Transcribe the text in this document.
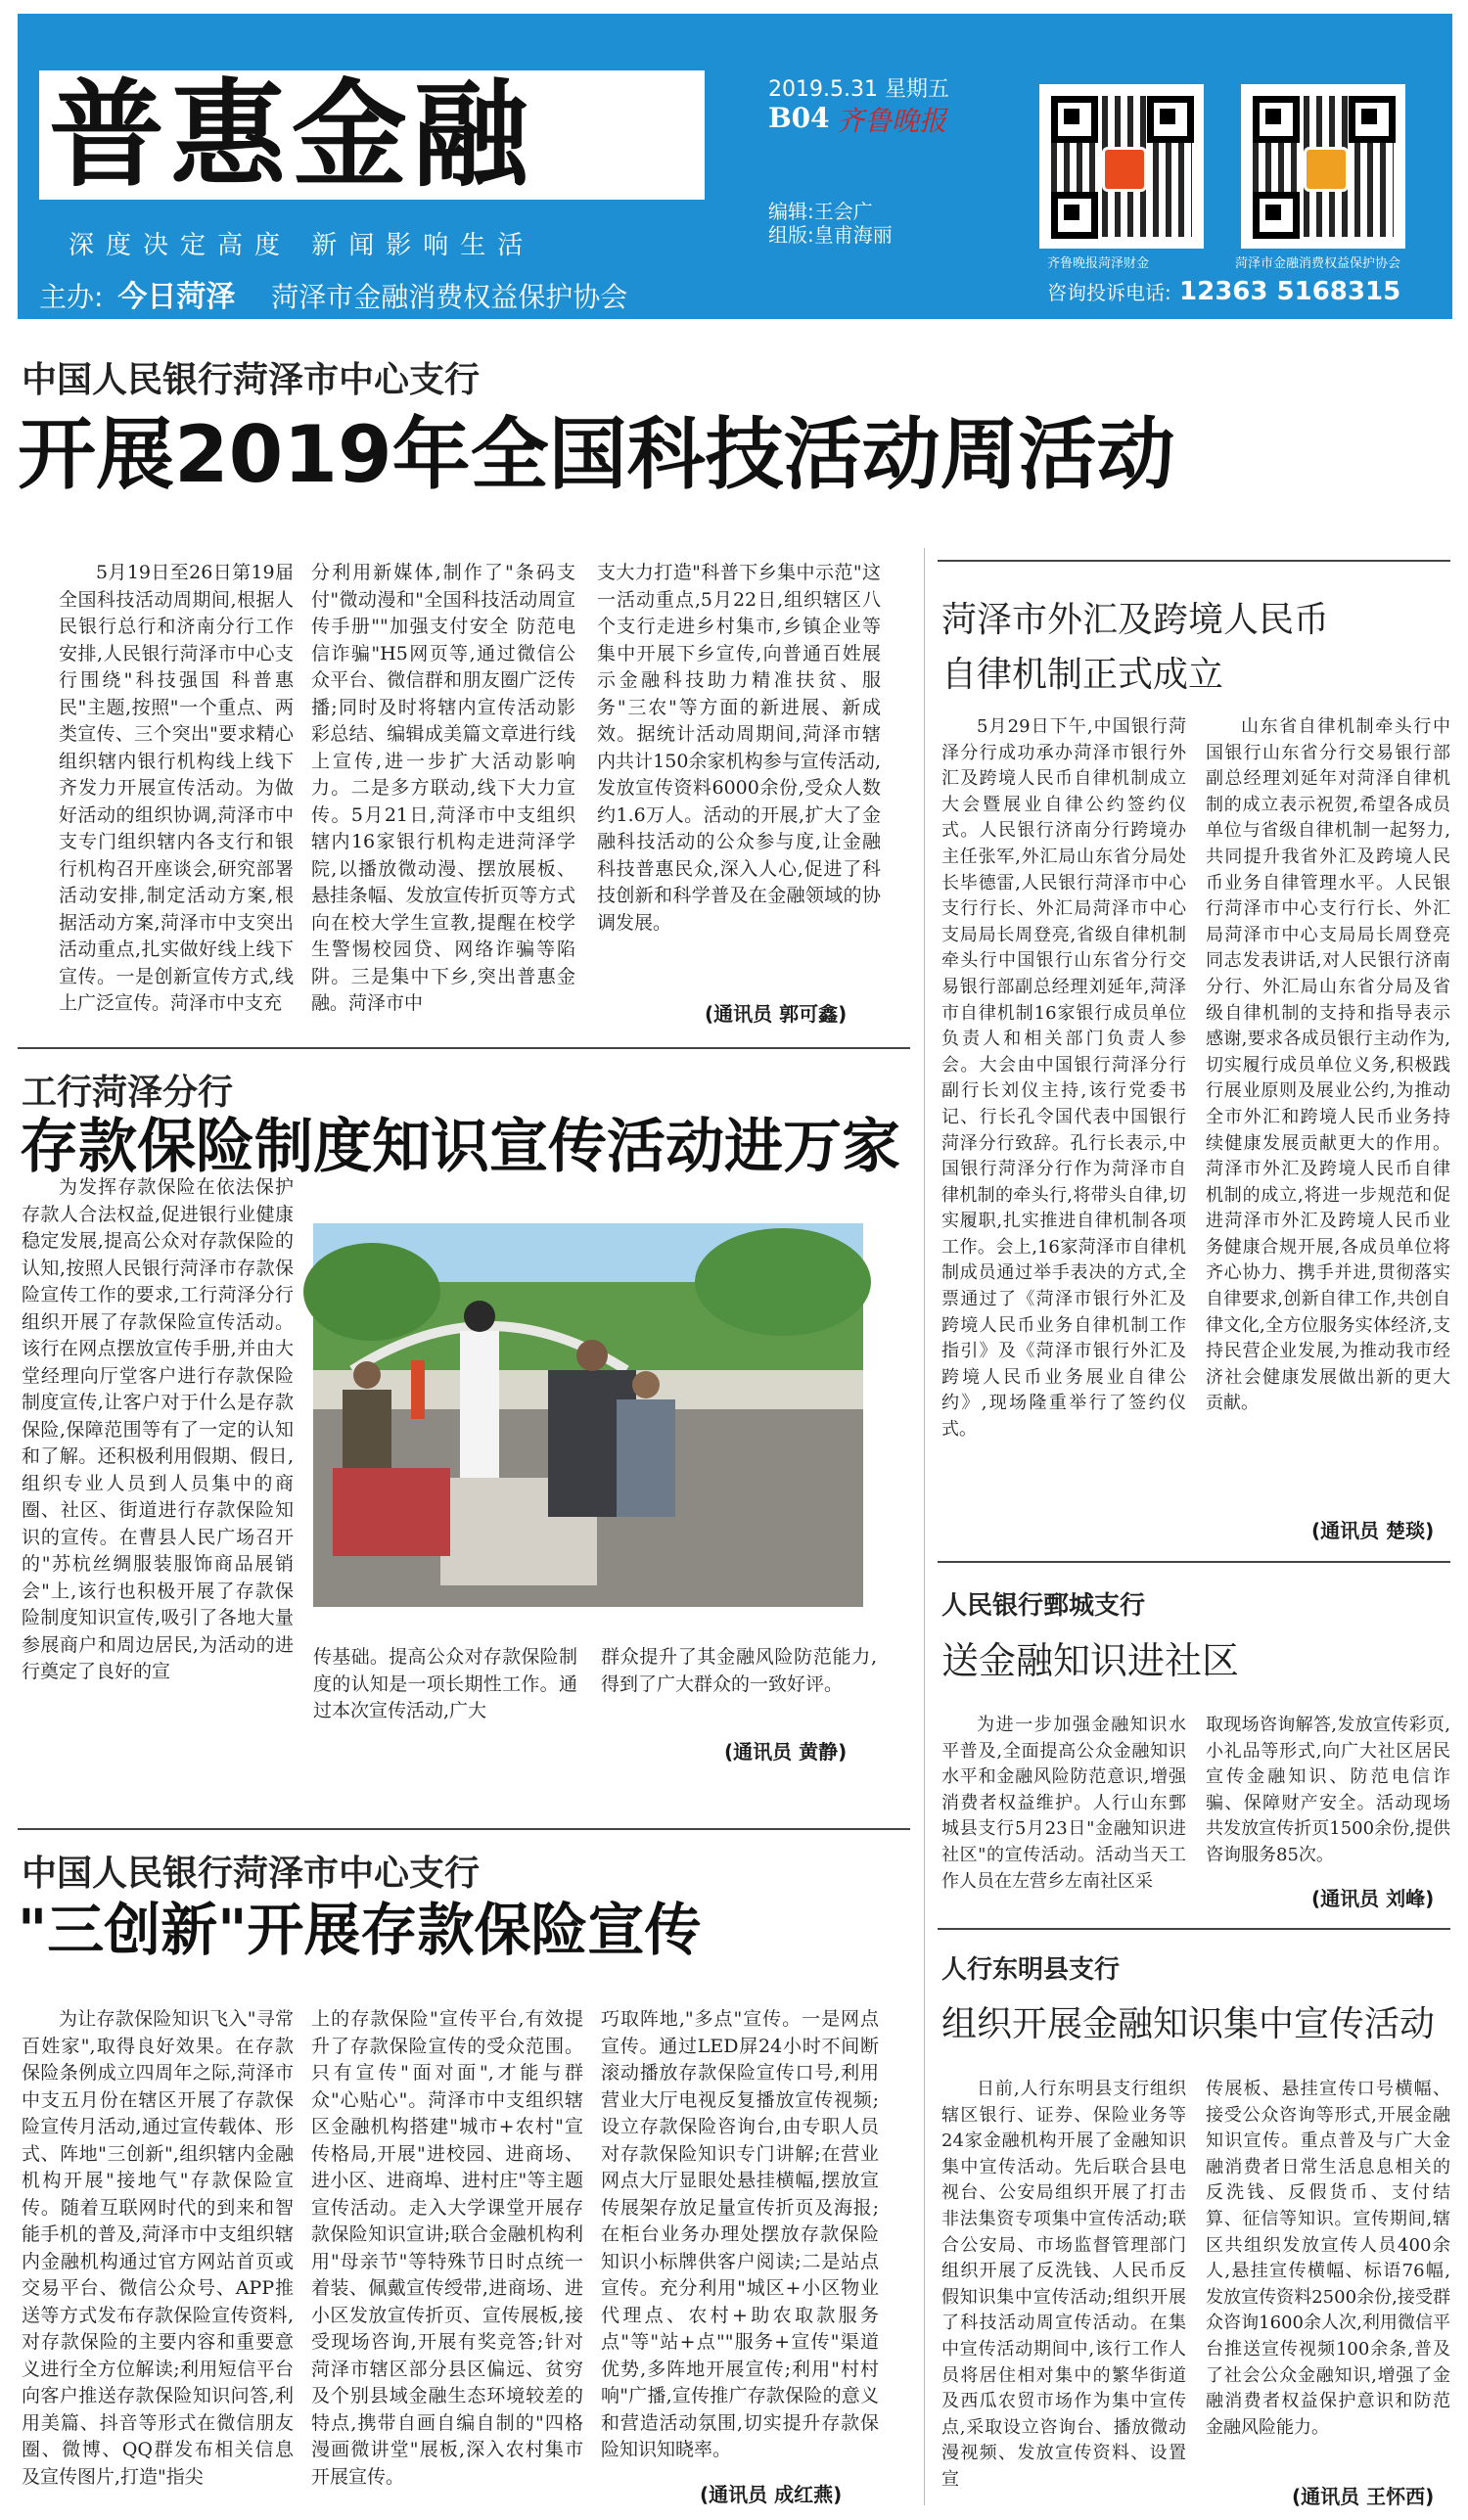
普惠金融
深度决定高度 新闻影响生活
主办: 今日菏泽 菏泽市金融消费权益保护协会
2019.5.31 星期五
B04 齐鲁晚报
编辑:王会广
组版:皇甫海丽
齐鲁晚报菏泽财金	菏泽市金融消费权益保护协会
咨询投诉电话: 12363 5168315
中国人民银行菏泽市中心支行
开展2019年全国科技活动周活动

5月19日至26日第19届全国科技活动周期间,根据人民银行总行和济南分行工作安排,人民银行菏泽市中心支行围绕"科技强国 科普惠民"主题,按照"一个重点、两类宣传、三个突出"要求精心组织辖内银行机构线上线下齐发力开展宣传活动。为做好活动的组织协调,菏泽市中支专门组织辖内各支行和银行机构召开座谈会,研究部署活动安排,制定活动方案,根据活动方案,菏泽市中支突出活动重点,扎实做好线上线下宣传。一是创新宣传方式,线上广泛宣传。菏泽市中支充

分利用新媒体,制作了"条码支付"微动漫和"全国科技活动周宣传手册""加强支付安全 防范电信诈骗"H5网页等,通过微信公众平台、微信群和朋友圈广泛传播;同时及时将辖内宣传活动影彩总结、编辑成美篇文章进行线上宣传,进一步扩大活动影响力。二是多方联动,线下大力宣传。5月21日,菏泽市中支组织辖内16家银行机构走进菏泽学院,以播放微动漫、摆放展板、悬挂条幅、发放宣传折页等方式向在校大学生宣教,提醒在校学生警惕校园贷、网络诈骗等陷阱。三是集中下乡,突出普惠金融。菏泽市中

支大力打造"科普下乡集中示范"这一活动重点,5月22日,组织辖区八个支行走进乡村集市,乡镇企业等集中开展下乡宣传,向普通百姓展示金融科技助力精准扶贫、服务"三农"等方面的新进展、新成效。据统计活动周期间,菏泽市辖内共计150余家机构参与宣传活动,发放宣传资料6000余份,受众人数约1.6万人。活动的开展,扩大了金融科技活动的公众参与度,让金融科技普惠民众,深入人心,促进了科技创新和科学普及在金融领域的协调发展。

(通讯员 郭可鑫)
工行菏泽分行
存款保险制度知识宣传活动进万家

为发挥存款保险在依法保护存款人合法权益,促进银行业健康稳定发展,提高公众对存款保险的认知,按照人民银行菏泽市存款保险宣传工作的要求,工行菏泽分行组织开展了存款保险宣传活动。该行在网点摆放宣传手册,并由大堂经理向厅堂客户进行存款保险制度宣传,让客户对于什么是存款保险,保障范围等有了一定的认知和了解。还积极利用假期、假日,组织专业人员到人员集中的商圈、社区、街道进行存款保险知识的宣传。在曹县人民广场召开的"苏杭丝绸服装服饰商品展销会"上,该行也积极开展了存款保险制度知识宣传,吸引了各地大量参展商户和周边居民,为活动的进行奠定了良好的宣

传基础。提高公众对存款保险制度的认知是一项长期性工作。通过本次宣传活动,广大

群众提升了其金融风险防范能力,得到了广大群众的一致好评。

(通讯员 黄静)
中国人民银行菏泽市中心支行
"三创新"开展存款保险宣传

为让存款保险知识飞入"寻常百姓家",取得良好效果。在存款保险条例成立四周年之际,菏泽市中支五月份在辖区开展了存款保险宣传月活动,通过宣传载体、形式、阵地"三创新",组织辖内金融机构开展"接地气"存款保险宣传。随着互联网时代的到来和智能手机的普及,菏泽市中支组织辖内金融机构通过官方网站首页或交易平台、微信公众号、APP推送等方式发布存款保险宣传资料,对存款保险的主要内容和重要意义进行全方位解读;利用短信平台向客户推送存款保险知识问答,利用美篇、抖音等形式在微信朋友圈、微博、QQ群发布相关信息及宣传图片,打造"指尖

上的存款保险"宣传平台,有效提升了存款保险宣传的受众范围。只有宣传"面对面",才能与群众"心贴心"。菏泽市中支组织辖区金融机构搭建"城市+农村"宣传格局,开展"进校园、进商场、进小区、进商埠、进村庄"等主题宣传活动。走入大学课堂开展存款保险知识宣讲;联合金融机构利用"母亲节"等特殊节日时点统一着装、佩戴宣传绶带,进商场、进小区发放宣传折页、宣传展板,接受现场咨询,开展有奖竞答;针对菏泽市辖区部分县区偏远、贫穷及个别县域金融生态环境较差的特点,携带自画自编自制的"四格漫画微讲堂"展板,深入农村集市开展宣传。

巧取阵地,"多点"宣传。一是网点宣传。通过LED屏24小时不间断滚动播放存款保险宣传口号,利用营业大厅电视反复播放宣传视频;设立存款保险咨询台,由专职人员对存款保险知识专门讲解;在营业网点大厅显眼处悬挂横幅,摆放宣传展架存放足量宣传折页及海报;在柜台业务办理处摆放存款保险知识小标牌供客户阅读;二是站点宣传。充分利用"城区+小区物业代理点、农村+助农取款服务点"等"站+点""服务+宣传"渠道优势,多阵地开展宣传;利用"村村响"广播,宣传推广存款保险的意义和营造活动氛围,切实提升存款保险知识知晓率。

(通讯员 成红燕)
菏泽市外汇及跨境人民币
自律机制正式成立

5月29日下午,中国银行菏泽分行成功承办菏泽市银行外汇及跨境人民币自律机制成立大会暨展业自律公约签约仪式。人民银行济南分行跨境办主任张军,外汇局山东省分局处长毕德雷,人民银行菏泽市中心支行行长、外汇局菏泽市中心支局局长周登亮,省级自律机制牵头行中国银行山东省分行交易银行部副总经理刘延年,菏泽市自律机制16家银行成员单位负责人和相关部门负责人参会。大会由中国银行菏泽分行副行长刘仪主持,该行党委书记、行长孔令国代表中国银行菏泽分行致辞。孔行长表示,中国银行菏泽分行作为菏泽市自律机制的牵头行,将带头自律,切实履职,扎实推进自律机制各项工作。会上,16家菏泽市自律机制成员通过举手表决的方式,全票通过了《菏泽市银行外汇及跨境人民币业务自律机制工作指引》及《菏泽市银行外汇及跨境人民币业务展业自律公约》,现场隆重举行了签约仪式。

山东省自律机制牵头行中国银行山东省分行交易银行部副总经理刘延年对菏泽自律机制的成立表示祝贺,希望各成员单位与省级自律机制一起努力,共同提升我省外汇及跨境人民币业务自律管理水平。人民银行菏泽市中心支行行长、外汇局菏泽市中心支局局长周登亮同志发表讲话,对人民银行济南分行、外汇局山东省分局及省级自律机制的支持和指导表示感谢,要求各成员银行主动作为,切实履行成员单位义务,积极践行展业原则及展业公约,为推动全市外汇和跨境人民币业务持续健康发展贡献更大的作用。菏泽市外汇及跨境人民币自律机制的成立,将进一步规范和促进菏泽市外汇及跨境人民币业务健康合规开展,各成员单位将齐心协力、携手并进,贯彻落实自律要求,创新自律工作,共创自律文化,全方位服务实体经济,支持民营企业发展,为推动我市经济社会健康发展做出新的更大贡献。

(通讯员 楚琰)
人民银行鄄城支行
送金融知识进社区

为进一步加强金融知识水平普及,全面提高公众金融知识水平和金融风险防范意识,增强消费者权益维护。人行山东鄄城县支行5月23日"金融知识进社区"的宣传活动。活动当天工作人员在左营乡左南社区采

取现场咨询解答,发放宣传彩页,小礼品等形式,向广大社区居民宣传金融知识、防范电信诈骗、保障财产安全。活动现场共发放宣传折页1500余份,提供咨询服务85次。

(通讯员 刘峰)
人行东明县支行
组织开展金融知识集中宣传活动

日前,人行东明县支行组织辖区银行、证券、保险业务等24家金融机构开展了金融知识集中宣传活动。先后联合县电视台、公安局组织开展了打击非法集资专项集中宣传活动;联合公安局、市场监督管理部门组织开展了反洗钱、人民币反假知识集中宣传活动;组织开展了科技活动周宣传活动。在集中宣传活动期间中,该行工作人员将居住相对集中的繁华街道及西瓜农贸市场作为集中宣传点,采取设立咨询台、播放微动漫视频、发放宣传资料、设置宣

传展板、悬挂宣传口号横幅、接受公众咨询等形式,开展金融知识宣传。重点普及与广大金融消费者日常生活息息相关的反洗钱、反假货币、支付结算、征信等知识。宣传期间,辖区共组织发放宣传人员400余人,悬挂宣传横幅、标语76幅,发放宣传资料2500余份,接受群众咨询1600余人次,利用微信平台推送宣传视频100余条,普及了社会公众金融知识,增强了金融消费者权益保护意识和防范金融风险能力。

(通讯员 王怀西)
